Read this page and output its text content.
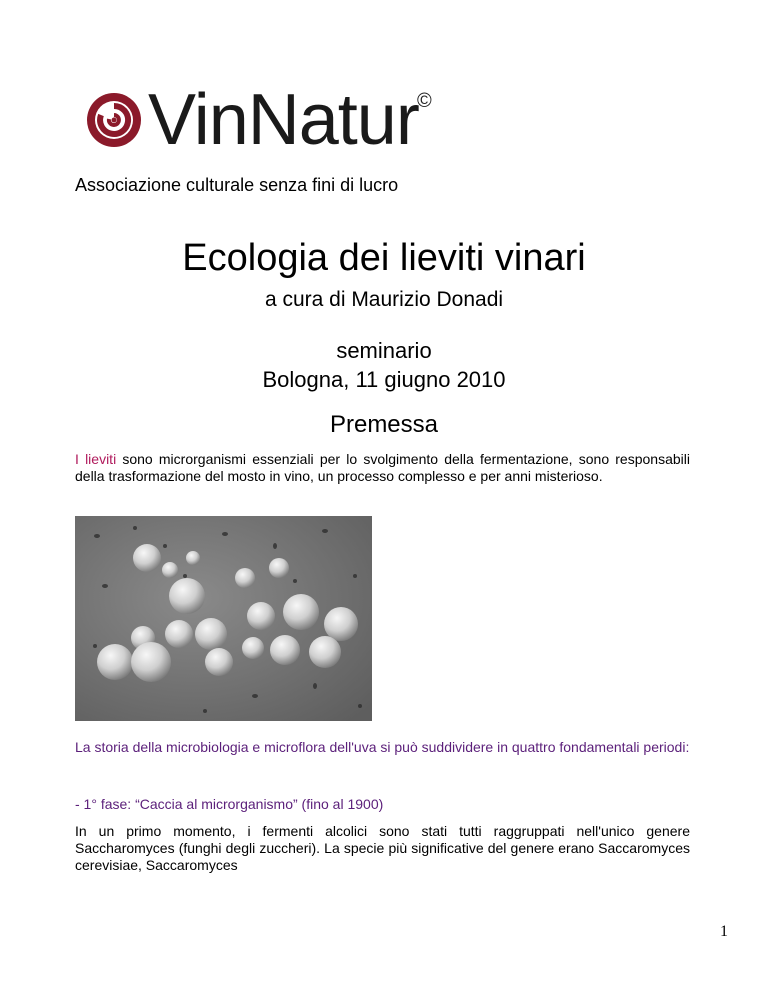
VinNatur
©
Associazione culturale senza fini di lucro
Ecologia dei lieviti vinari
a cura di Maurizio Donadi
seminario
Bologna, 11 giugno 2010
Premessa
I lieviti sono microrganismi essenziali per lo svolgimento della fermentazione, sono responsabili della trasformazione del mosto in vino, un processo complesso e per anni misterioso.
La storia della microbiologia e microflora dell'uva si può suddividere in quattro fondamentali periodi:
- 1° fase: “Caccia al microrganismo” (fino al 1900)
In un primo momento, i fermenti alcolici sono stati tutti raggruppati nell'unico genere Saccharomyces (funghi degli zuccheri). La specie più significative del genere erano Saccaromyces cerevisiae, Saccaromyces
1
